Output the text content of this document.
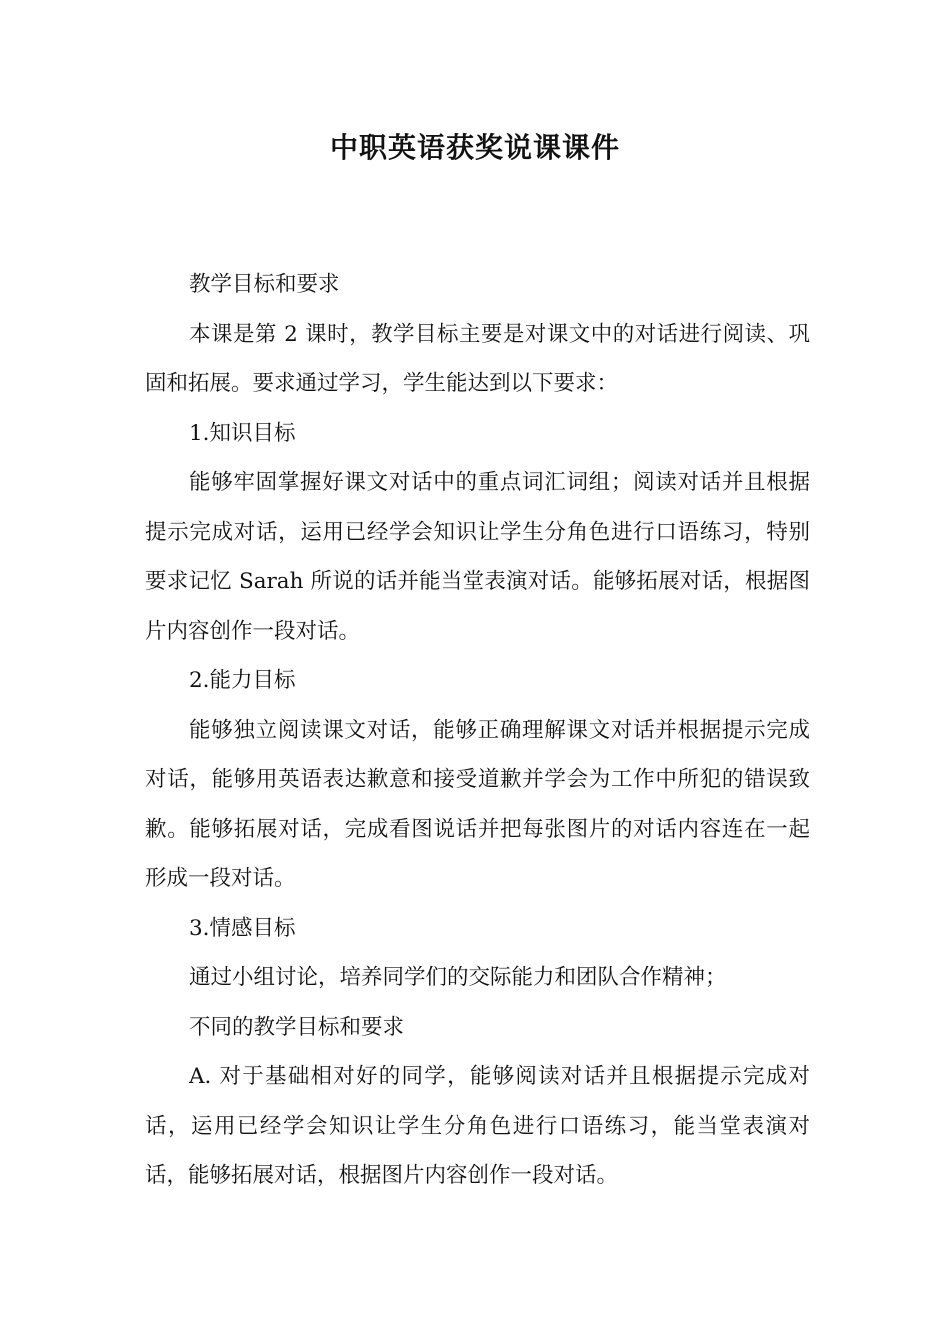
中职英语获奖说课课件

教学目标和要求

本课是第 2 课时，教学目标主要是对课文中的对话进行阅读、巩固和拓展。要求通过学习，学生能达到以下要求：

1.知识目标

能够牢固掌握好课文对话中的重点词汇词组；阅读对话并且根据提示完成对话，运用已经学会知识让学生分角色进行口语练习，特别要求记忆 Sarah 所说的话并能当堂表演对话。能够拓展对话，根据图片内容创作一段对话。

2.能力目标

能够独立阅读课文对话，能够正确理解课文对话并根据提示完成对话，能够用英语表达歉意和接受道歉并学会为工作中所犯的错误致歉。能够拓展对话，完成看图说话并把每张图片的对话内容连在一起形成一段对话。

3.情感目标

通过小组讨论，培养同学们的交际能力和团队合作精神；

不同的教学目标和要求

A. 对于基础相对好的同学，能够阅读对话并且根据提示完成对话，运用已经学会知识让学生分角色进行口语练习，能当堂表演对话，能够拓展对话，根据图片内容创作一段对话。
